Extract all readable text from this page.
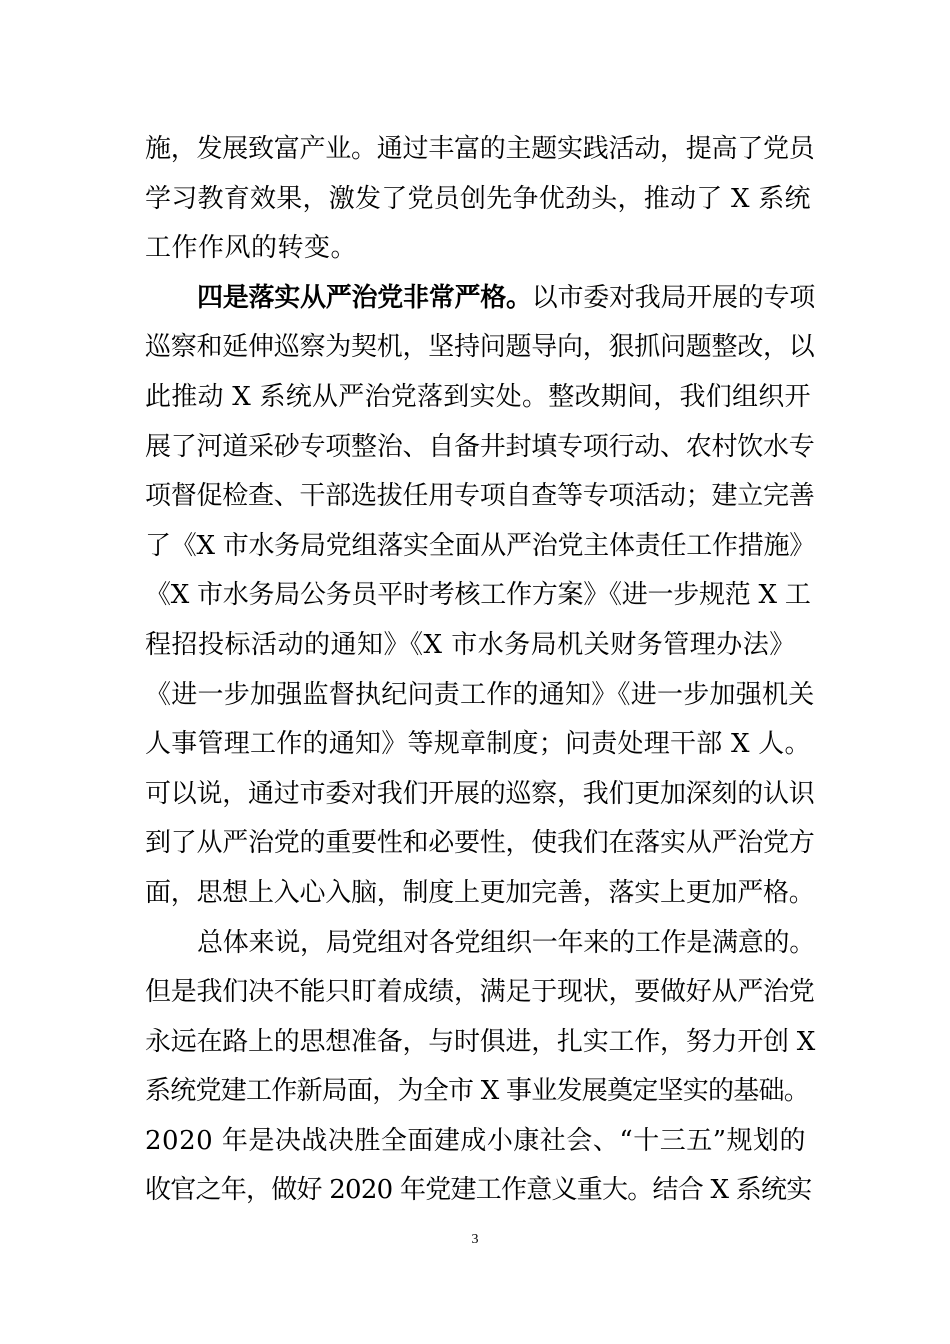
施，发展致富产业。通过丰富的主题实践活动，提高了党员
学习教育效果，激发了党员创先争优劲头，推动了 X 系统
工作作风的转变。
四是落实从严治党非常严格。以市委对我局开展的专项
巡察和延伸巡察为契机，坚持问题导向，狠抓问题整改，以
此推动 X 系统从严治党落到实处。整改期间，我们组织开
展了河道采砂专项整治、自备井封填专项行动、农村饮水专
项督促检查、干部选拔任用专项自查等专项活动；建立完善
了《X 市水务局党组落实全面从严治党主体责任工作措施》
《X 市水务局公务员平时考核工作方案》《进一步规范 X 工
程招投标活动的通知》《X 市水务局机关财务管理办法》
《进一步加强监督执纪问责工作的通知》《进一步加强机关
人事管理工作的通知》等规章制度；问责处理干部 X 人。
可以说，通过市委对我们开展的巡察，我们更加深刻的认识
到了从严治党的重要性和必要性，使我们在落实从严治党方
面，思想上入心入脑，制度上更加完善，落实上更加严格。
总体来说，局党组对各党组织一年来的工作是满意的。
但是我们决不能只盯着成绩，满足于现状，要做好从严治党
永远在路上的思想准备，与时俱进，扎实工作，努力开创 X
系统党建工作新局面，为全市 X 事业发展奠定坚实的基础。
2020 年是决战决胜全面建成小康社会、“十三五”规划的
收官之年，做好 2020 年党建工作意义重大。结合 X 系统实
3
